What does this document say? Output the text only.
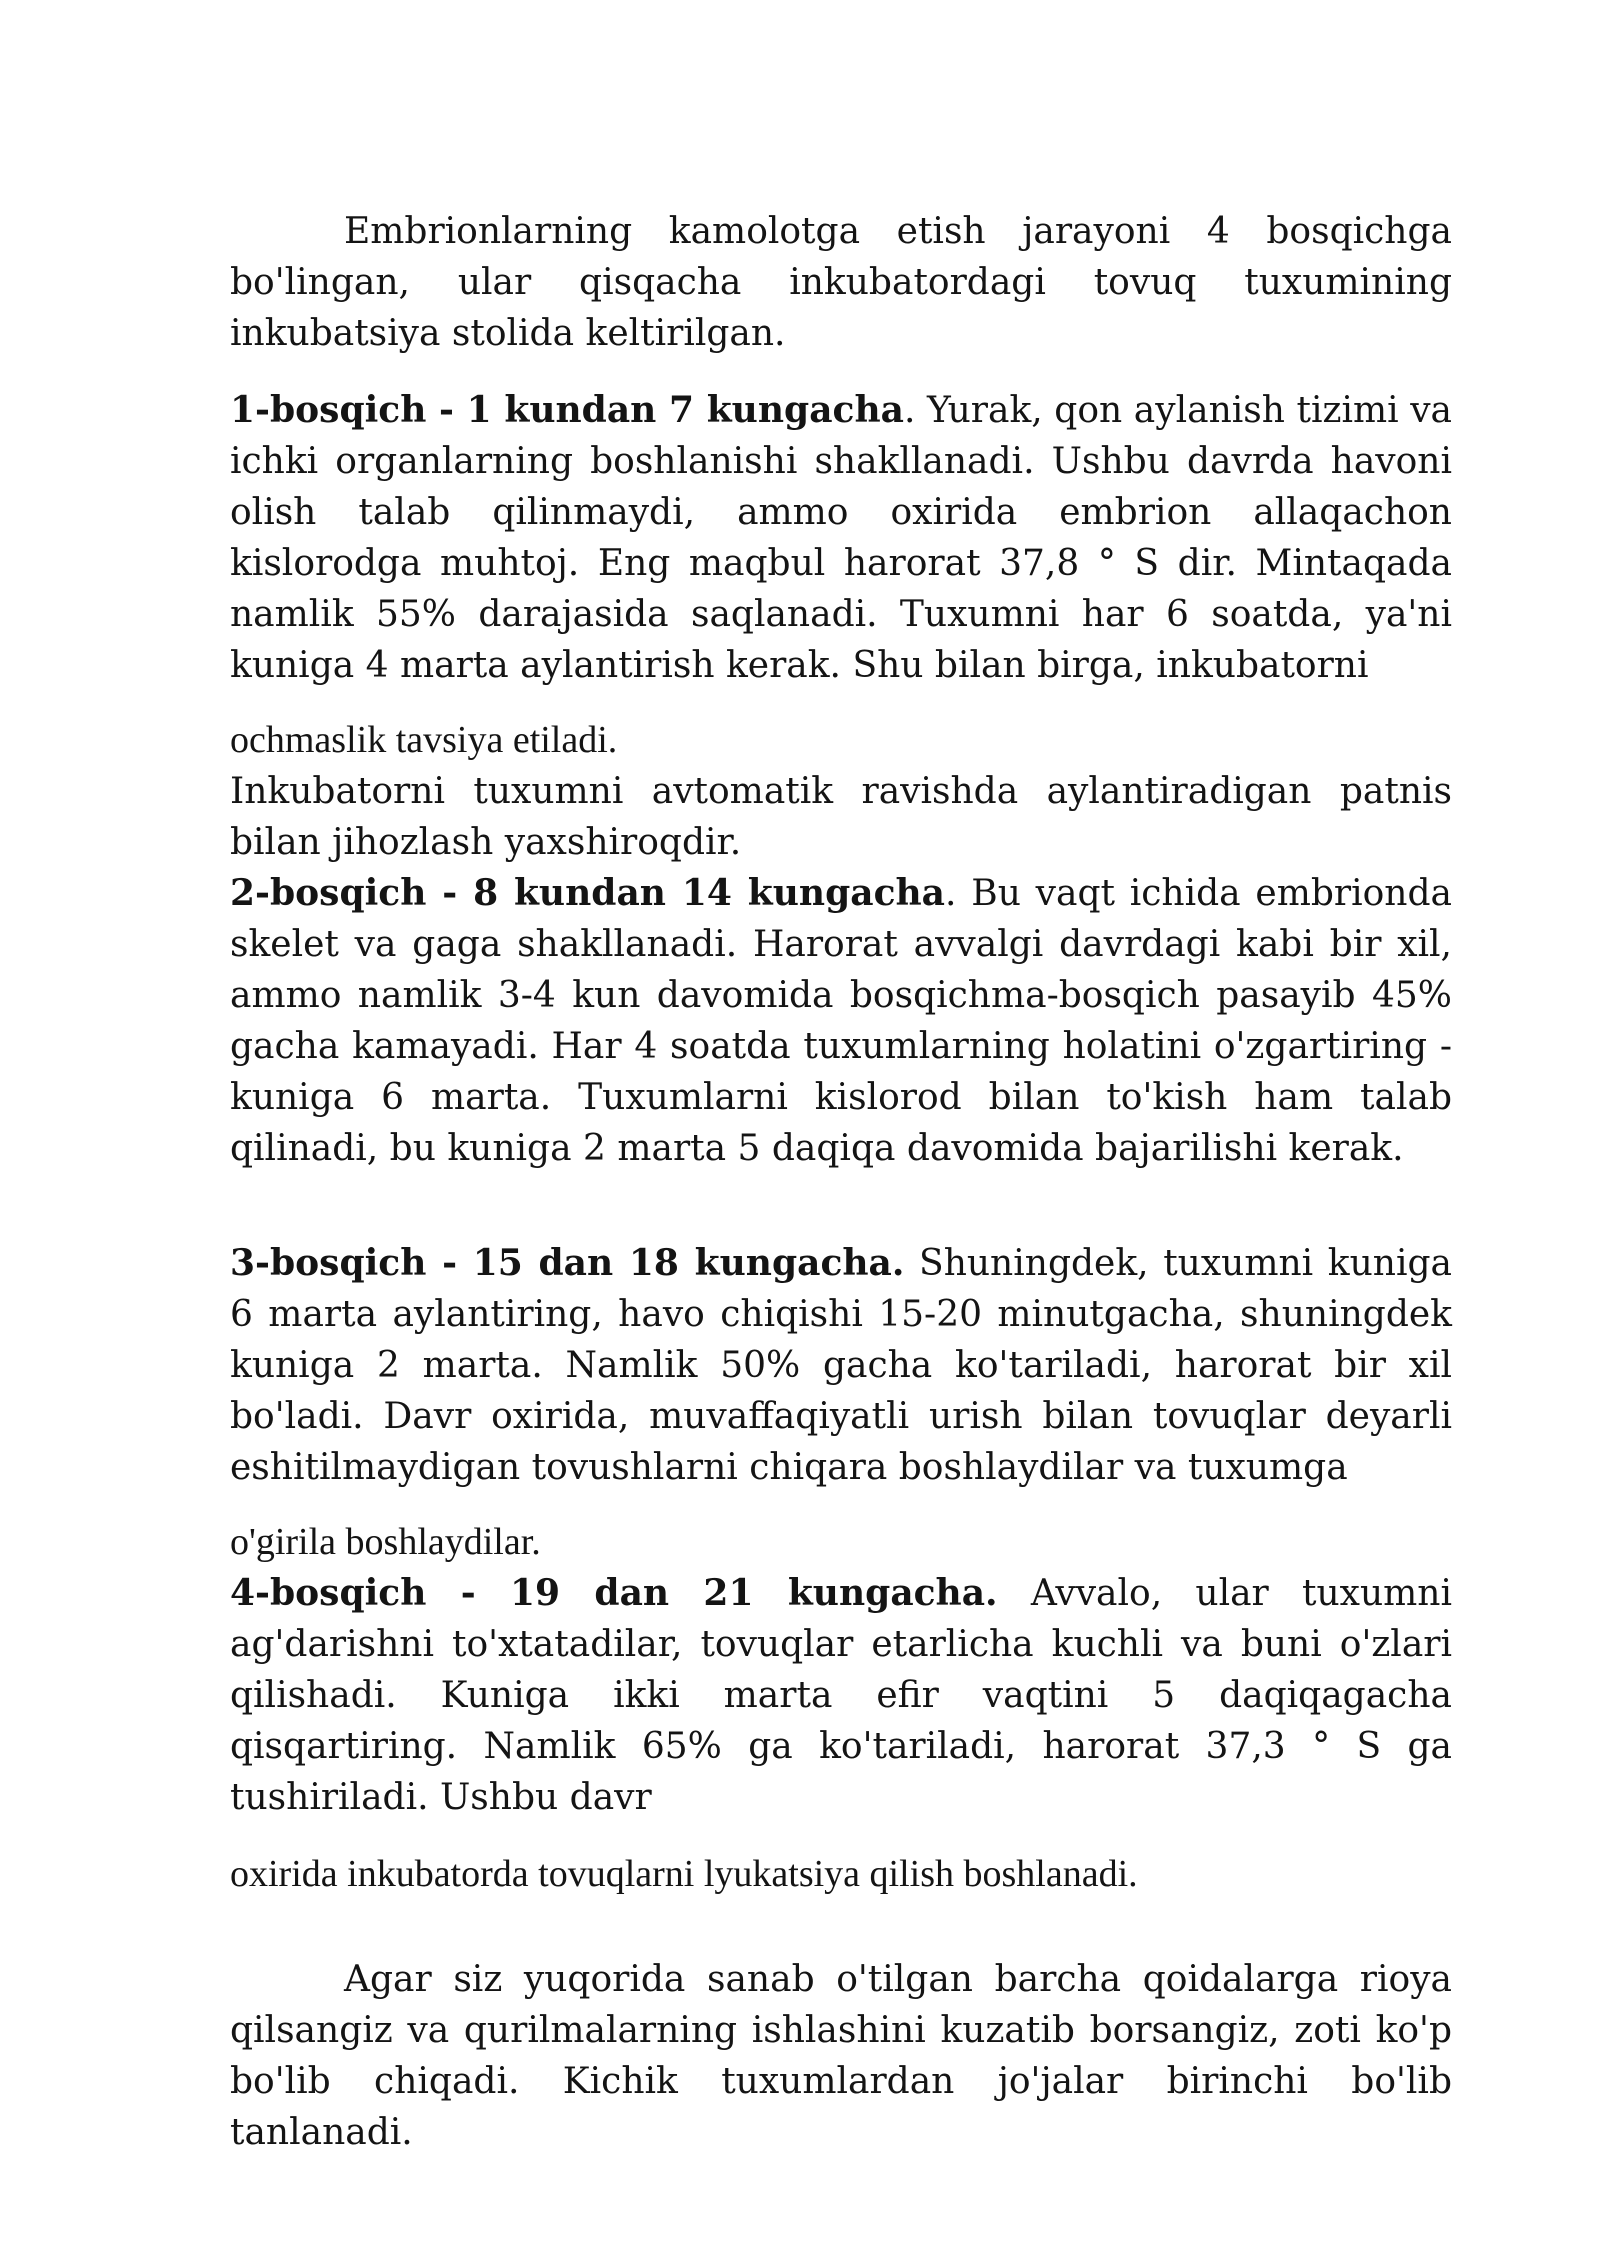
Embrionlarning kamolotga etish jarayoni 4 bosqichga bo'lingan, ular qisqacha inkubatordagi tovuq tuxumining inkubatsiya stolida keltirilgan.

1-bosqich - 1 kundan 7 kungacha. Yurak, qon aylanish tizimi va ichki organlarning boshlanishi shakllanadi. Ushbu davrda havoni olish talab qilinmaydi, ammo oxirida embrion allaqachon kislorodga muhtoj. Eng maqbul harorat 37,8 ° S dir. Mintaqada namlik 55% darajasida saqlanadi. Tuxumni har 6 soatda, ya'ni kuniga 4 marta aylantirish kerak. Shu bilan birga, inkubatorni

ochmaslik tavsiya etiladi.

Inkubatorni tuxumni avtomatik ravishda aylantiradigan patnis bilan jihozlash yaxshiroqdir.

2-bosqich - 8 kundan 14 kungacha. Bu vaqt ichida embrionda skelet va gaga shakllanadi. Harorat avvalgi davrdagi kabi bir xil, ammo namlik 3-4 kun davomida bosqichma-bosqich pasayib 45% gacha kamayadi. Har 4 soatda tuxumlarning holatini o'zgartiring - kuniga 6 marta. Tuxumlarni kislorod bilan to'kish ham talab qilinadi, bu kuniga 2 marta 5 daqiqa davomida bajarilishi kerak.

3-bosqich - 15 dan 18 kungacha. Shuningdek, tuxumni kuniga 6 marta aylantiring, havo chiqishi 15-20 minutgacha, shuningdek kuniga 2 marta. Namlik 50% gacha ko'tariladi, harorat bir xil bo'ladi. Davr oxirida, muvaffaqiyatli urish bilan tovuqlar deyarli eshitilmaydigan tovushlarni chiqara boshlaydilar va tuxumga

o'girila boshlaydilar.

4-bosqich - 19 dan 21 kungacha. Avvalo, ular tuxumni ag'darishni to'xtatadilar, tovuqlar etarlicha kuchli va buni o'zlari qilishadi. Kuniga ikki marta efir vaqtini 5 daqiqagacha qisqartiring. Namlik 65% ga ko'tariladi, harorat 37,3 ° S ga tushiriladi. Ushbu davr

oxirida inkubatorda tovuqlarni lyukatsiya qilish boshlanadi.

Agar siz yuqorida sanab o'tilgan barcha qoidalarga rioya qilsangiz va qurilmalarning ishlashini kuzatib borsangiz, zoti ko'p bo'lib chiqadi. Kichik tuxumlardan jo'jalar birinchi bo'lib tanlanadi.
